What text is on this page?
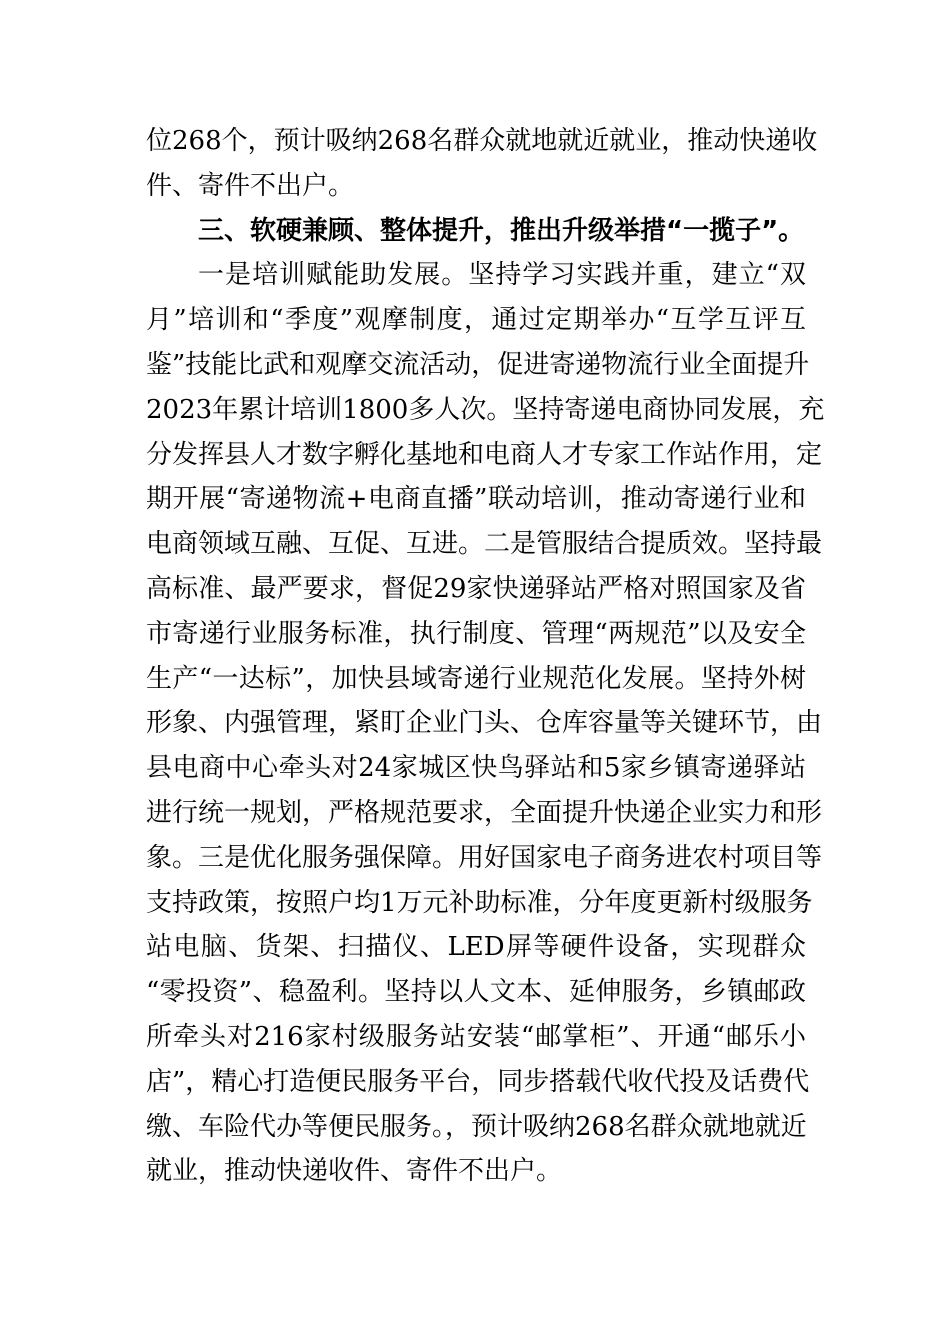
位268个，预计吸纳268名群众就地就近就业，推动快递收
件、寄件不出户。
三、软硬兼顾、整体提升，推出升级举措“一揽子”。
一是培训赋能助发展。坚持学习实践并重，建立“双
月”培训和“季度”观摩制度，通过定期举办“互学互评互
鉴”技能比武和观摩交流活动，促进寄递物流行业全面提升
2023年累计培训1800多人次。坚持寄递电商协同发展，充
分发挥县人才数字孵化基地和电商人才专家工作站作用，定
期开展“寄递物流+电商直播”联动培训，推动寄递行业和
电商领域互融、互促、互进。二是管服结合提质效。坚持最
高标准、最严要求，督促29家快递驿站严格对照国家及省
市寄递行业服务标准，执行制度、管理“两规范”以及安全
生产“一达标”，加快县域寄递行业规范化发展。坚持外树
形象、内强管理，紧盯企业门头、仓库容量等关键环节，由
县电商中心牵头对24家城区快鸟驿站和5家乡镇寄递驿站
进行统一规划，严格规范要求，全面提升快递企业实力和形
象。三是优化服务强保障。用好国家电子商务进农村项目等
支持政策，按照户均1万元补助标准，分年度更新村级服务
站电脑、货架、扫描仪、LED屏等硬件设备，实现群众
“零投资”、稳盈利。坚持以人文本、延伸服务，乡镇邮政
所牵头对216家村级服务站安装“邮掌柜”、开通“邮乐小
店”，精心打造便民服务平台，同步搭载代收代投及话费代
缴、车险代办等便民服务。，预计吸纳268名群众就地就近
就业，推动快递收件、寄件不出户。
